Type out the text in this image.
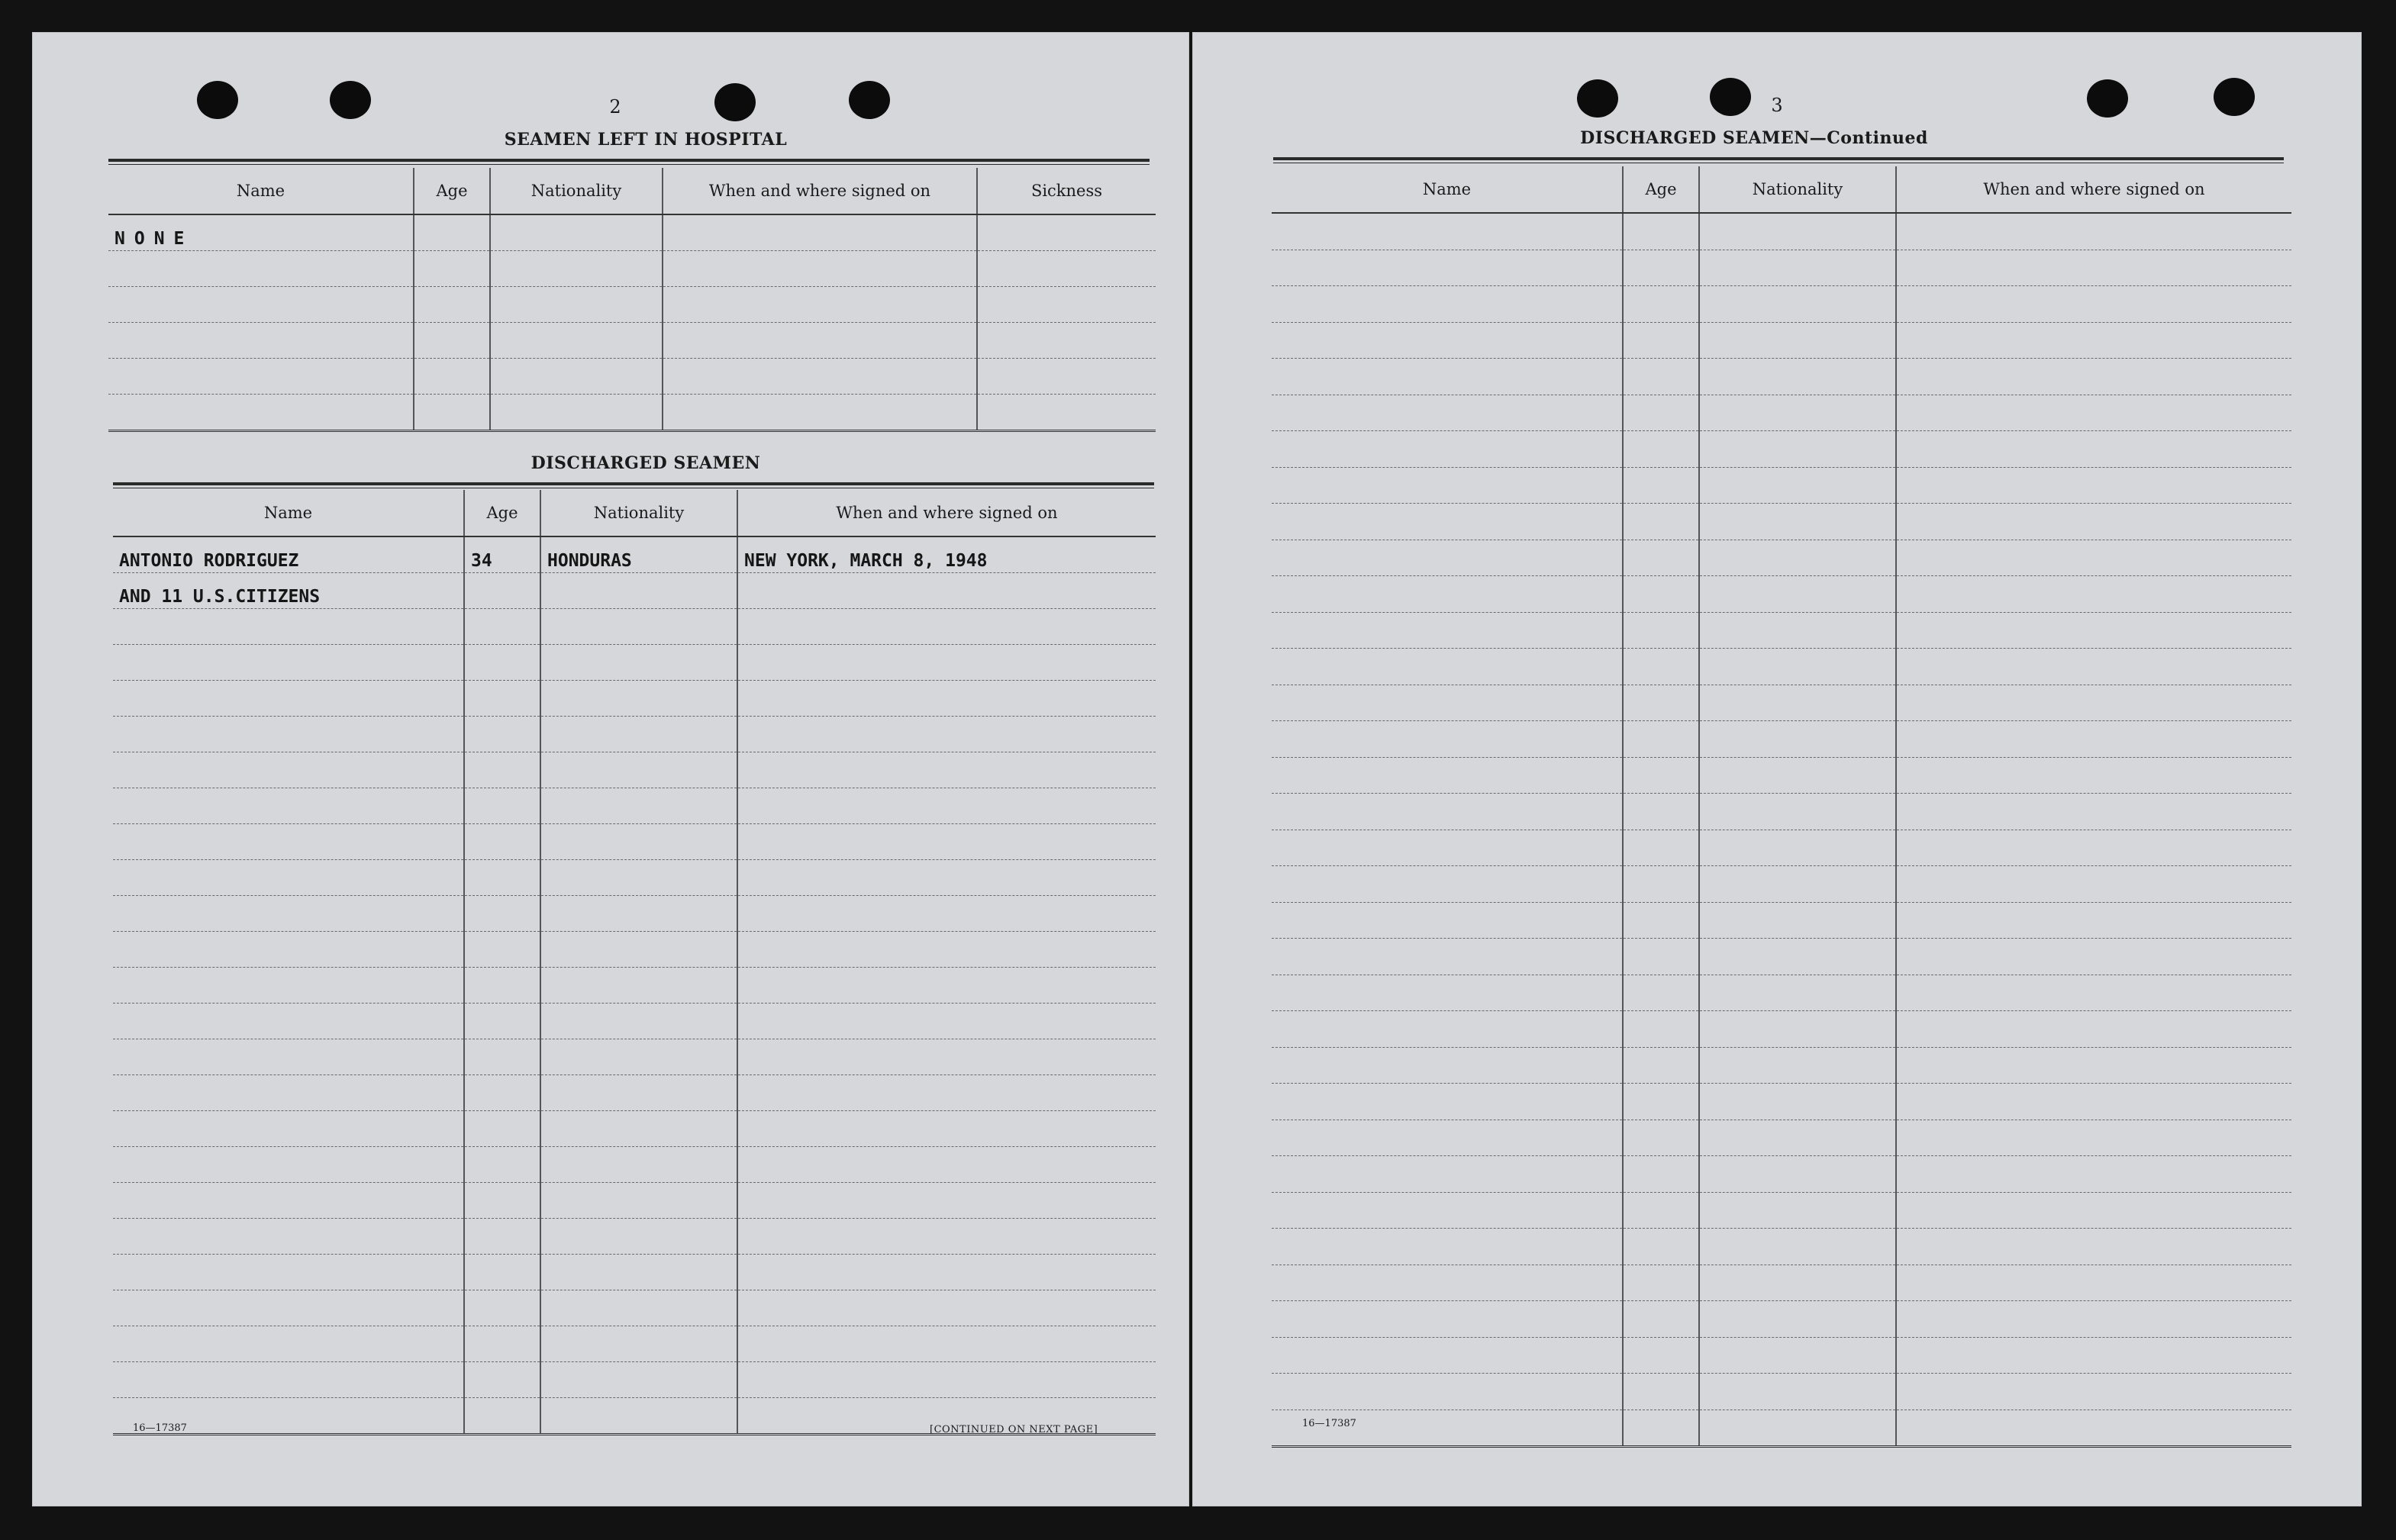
2
SEAMEN LEFT IN HOSPITAL
Name	Age	Nationality	When and where signed on	Sickness
NONE				

DISCHARGED SEAMEN
Name	Age	Nationality	When and where signed on
ANTONIO RODRIGUEZ	34	HONDURAS	NEW YORK, MARCH 8, 1948
AND 11 U.S.CITIZENS			

16—17387	[CONTINUED ON NEXT PAGE]
3
DISCHARGED SEAMEN—Continued
Name	Age	Nationality	When and where signed on

16—17387
